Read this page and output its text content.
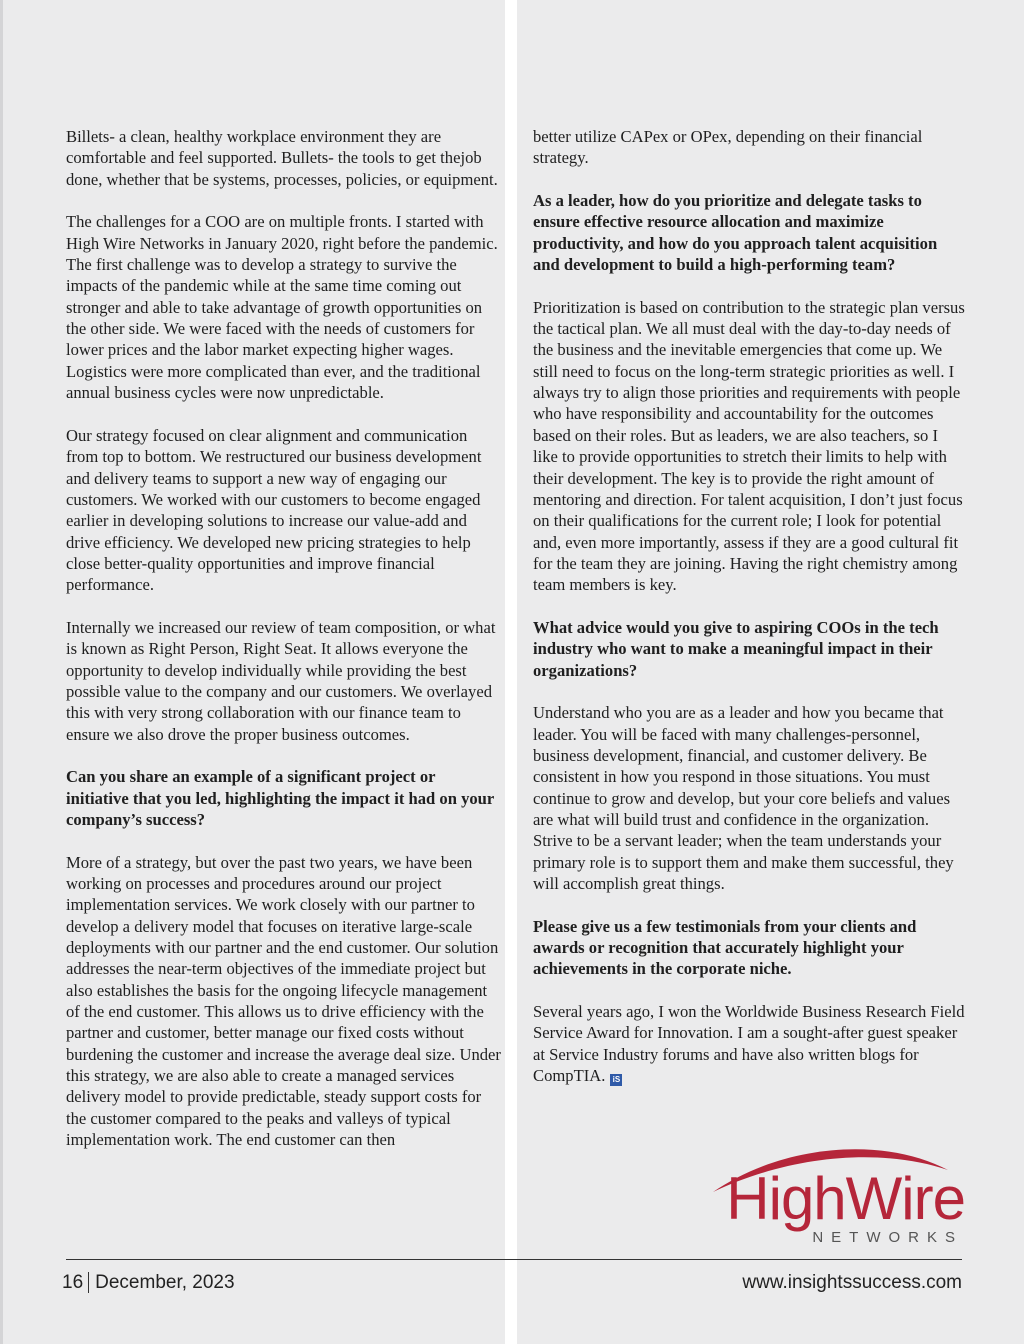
Billets- a clean, healthy workplace environment they are comfortable and feel supported. Bullets- the tools to get thejob done, whether that be systems, processes, policies, or equipment.

The challenges for a COO are on multiple fronts. I started with High Wire Networks in January 2020, right before the pandemic. The first challenge was to develop a strategy to survive the impacts of the pandemic while at the same time coming out stronger and able to take advantage of growth opportunities on the other side. We were faced with the needs of customers for lower prices and the labor market expecting higher wages. Logistics were more complicated than ever, and the traditional annual business cycles were now unpredictable.

Our strategy focused on clear alignment and communication from top to bottom. We restructured our business development and delivery teams to support a new way of engaging our customers. We worked with our customers to become engaged earlier in developing solutions to increase our value-add and drive efficiency. We developed new pricing strategies to help close better-quality opportunities and improve financial performance.

Internally we increased our review of team composition, or what is known as Right Person, Right Seat. It allows everyone the opportunity to develop individually while providing the best possible value to the company and our customers. We overlayed this with very strong collaboration with our finance team to ensure we also drove the proper business outcomes.

Can you share an example of a significant project or initiative that you led, highlighting the impact it had on your company’s success?

More of a strategy, but over the past two years, we have been working on processes and procedures around our project implementation services. We work closely with our partner to develop a delivery model that focuses on iterative large-scale deployments with our partner and the end customer. Our solution addresses the near-term objectives of the immediate project but also establishes the basis for the ongoing lifecycle management of the end customer. This allows us to drive efficiency with the partner and customer, better manage our fixed costs without burdening the customer and increase the average deal size. Under this strategy, we are also able to create a managed services delivery model to provide predictable, steady support costs for the customer compared to the peaks and valleys of typical implementation work. The end customer can then

better utilize CAPex or OPex, depending on their financial strategy.

As a leader, how do you prioritize and delegate tasks to ensure effective resource allocation and maximize productivity, and how do you approach talent acquisition and development to build a high-performing team?

Prioritization is based on contribution to the strategic plan versus the tactical plan. We all must deal with the day-to-day needs of the business and the inevitable emergencies that come up. We still need to focus on the long-term strategic priorities as well. I always try to align those priorities and requirements with people who have responsibility and accountability for the outcomes based on their roles. But as leaders, we are also teachers, so I like to provide opportunities to stretch their limits to help with their development. The key is to provide the right amount of mentoring and direction. For talent acquisition, I don’t just focus on their qualifications for the current role; I look for potential and, even more importantly, assess if they are a good cultural fit for the team they are joining. Having the right chemistry among team members is key.

What advice would you give to aspiring COOs in the tech industry who want to make a meaningful impact in their organizations?

Understand who you are as a leader and how you became that leader. You will be faced with many challenges-personnel, business development, financial, and customer delivery. Be consistent in how you respond in those situations. You must continue to grow and develop, but your core beliefs and values are what will build trust and confidence in the organization. Strive to be a servant leader; when the team understands your primary role is to support them and make them successful, they will accomplish great things.

Please give us a few testimonials from your clients and awards or recognition that accurately highlight your achievements in the corporate niche.

Several years ago, I won the Worldwide Business Research Field Service Award for Innovation. I am a sought-after guest speaker at Service Industry forums and have also written blogs for CompTIA. iS

HighWire
NETWORKS
16 December, 2023	www.insightssuccess.com
